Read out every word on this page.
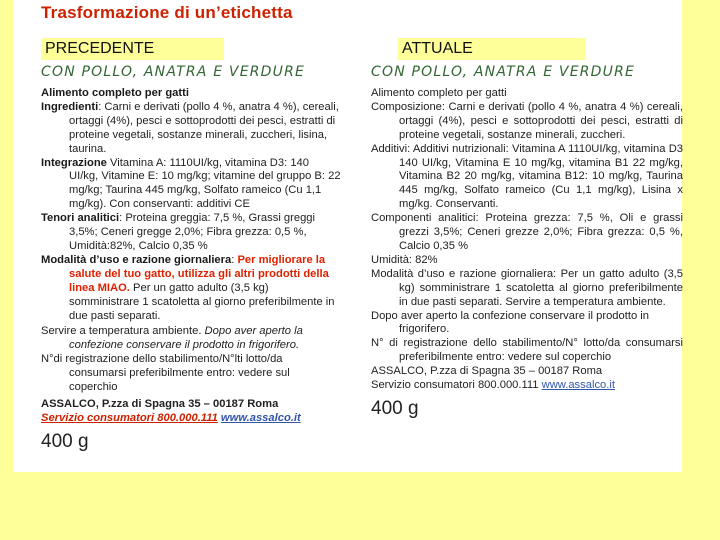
Trasformazione di un’etichetta
PRECEDENTE	ATTUALE
CON POLLO, ANATRA E VERDURE

Alimento completo per gatti

Ingredienti: Carni e derivati (pollo 4 %, anatra 4 %), cereali, ortaggi (4%), pesci e sottoprodotti dei pesci, estratti di proteine vegetali, sostanze minerali, zuccheri, lisina, taurina.

Integrazione Vitamina A: 1110UI/kg, vitamina D3: 140 UI/kg, Vitamine E: 10 mg/kg; vitamine del gruppo B: 22 mg/kg; Taurina 445 mg/kg, Solfato rameico (Cu 1,1 mg/kg). Con conservanti: additivi CE

Tenori analitici: Proteina greggia: 7,5 %, Grassi greggi 3,5%; Ceneri gregge 2,0%; Fibra grezza: 0,5 %, Umidità:82%, Calcio 0,35 %

Modalità d’uso e razione giornaliera: Per migliorare la salute del tuo gatto, utilizza gli altri prodotti della linea MIAO. Per un gatto adulto (3,5 kg) somministrare 1 scatoletta al giorno preferibilmente in due pasti separati.

Servire a temperatura ambiente. Dopo aver aperto la confezione conservare il prodotto in frigorifero.

N°di registrazione dello stabilimento/N°lti lotto/da consumarsi preferibilmente entro: vedere sul coperchio

ASSALCO, P.zza di Spagna 35 – 00187 Roma

Servizio consumatori 800.000.111 www.assalco.it

400 g

CON POLLO, ANATRA E VERDURE

Alimento completo per gatti

Composizione: Carni e derivati (pollo 4 %, anatra 4 %) cereali, ortaggi (4%), pesci e sottoprodotti dei pesci, estratti di proteine vegetali, sostanze minerali, zuccheri.

Additivi: Additivi nutrizionali: Vitamina A 1110UI/kg, vitamina D3 140 UI/kg, Vitamina E 10 mg/kg, vitamina B1 22 mg/kg, Vitamina B2 20 mg/kg, vitamina B12: 10 mg/kg, Taurina 445 mg/kg, Solfato rameico (Cu 1,1 mg/kg), Lisina x mg/kg. Conservanti.

Componenti analitici: Proteina grezza: 7,5 %, Oli e grassi grezzi 3,5%; Ceneri grezze 2,0%; Fibra grezza: 0,5 %, Calcio 0,35 %

Umidità: 82%

Modalità d’uso e razione giornaliera: Per un gatto adulto (3,5 kg) somministrare 1 scatoletta al giorno preferibilmente in due pasti separati. Servire a temperatura ambiente.

Dopo aver aperto la confezione conservare il prodotto in frigorifero.

N° di registrazione dello stabilimento/N° lotto/da consumarsi preferibilmente entro: vedere sul coperchio

ASSALCO, P.zza di Spagna 35 – 00187 Roma

Servizio consumatori 800.000.111 www.assalco.it

400 g
